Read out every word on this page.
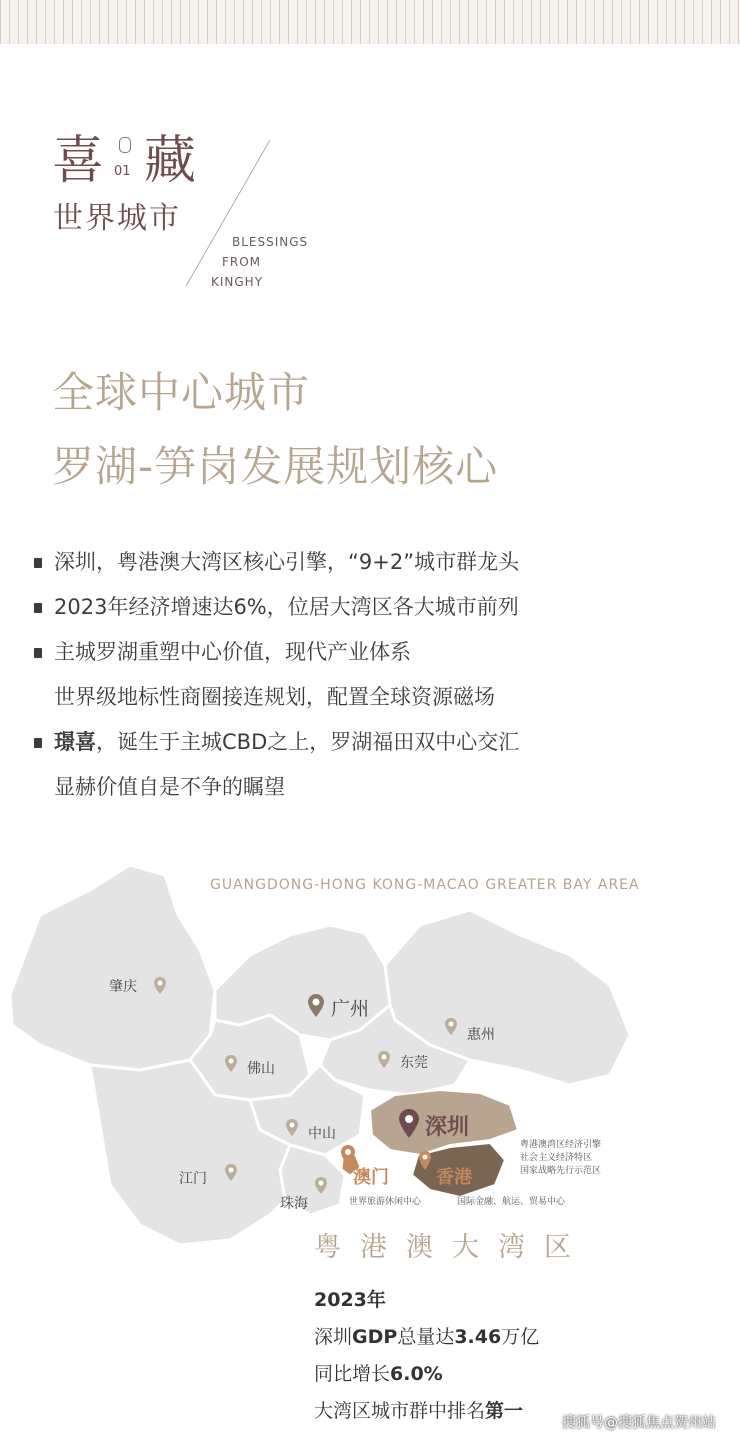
喜 01 藏
世界城市
BLESSINGS
FROM
KINGHY
全球中心城市
罗湖-笋岗发展规划核心
深圳，粤港澳大湾区核心引擎，“9+2”城市群龙头
2023年经济增速达6%，位居大湾区各大城市前列
主城罗湖重塑中心价值，现代产业体系
世界级地标性商圈接连规划，配置全球资源磁场
璟喜，诞生于主城CBD之上，罗湖福田双中心交汇
显赫价值自是不争的瞩望
GUANGDONG-HONG KONG-MACAO GREATER BAY AREA
肇庆
广州
惠州
佛山	东莞
深圳
粤港澳湾区经济引擎
社会主义经济特区
国家战略先行示范区
中山
澳门	香港
江门
珠海	世界旅游休闲中心	国际金融、航运、贸易中心
粤港澳大湾区
2023年
深圳GDP总量达3.46万亿
同比增长6.0%
大湾区城市群中排名第一
搜狐号@搜狐焦点贺州站
